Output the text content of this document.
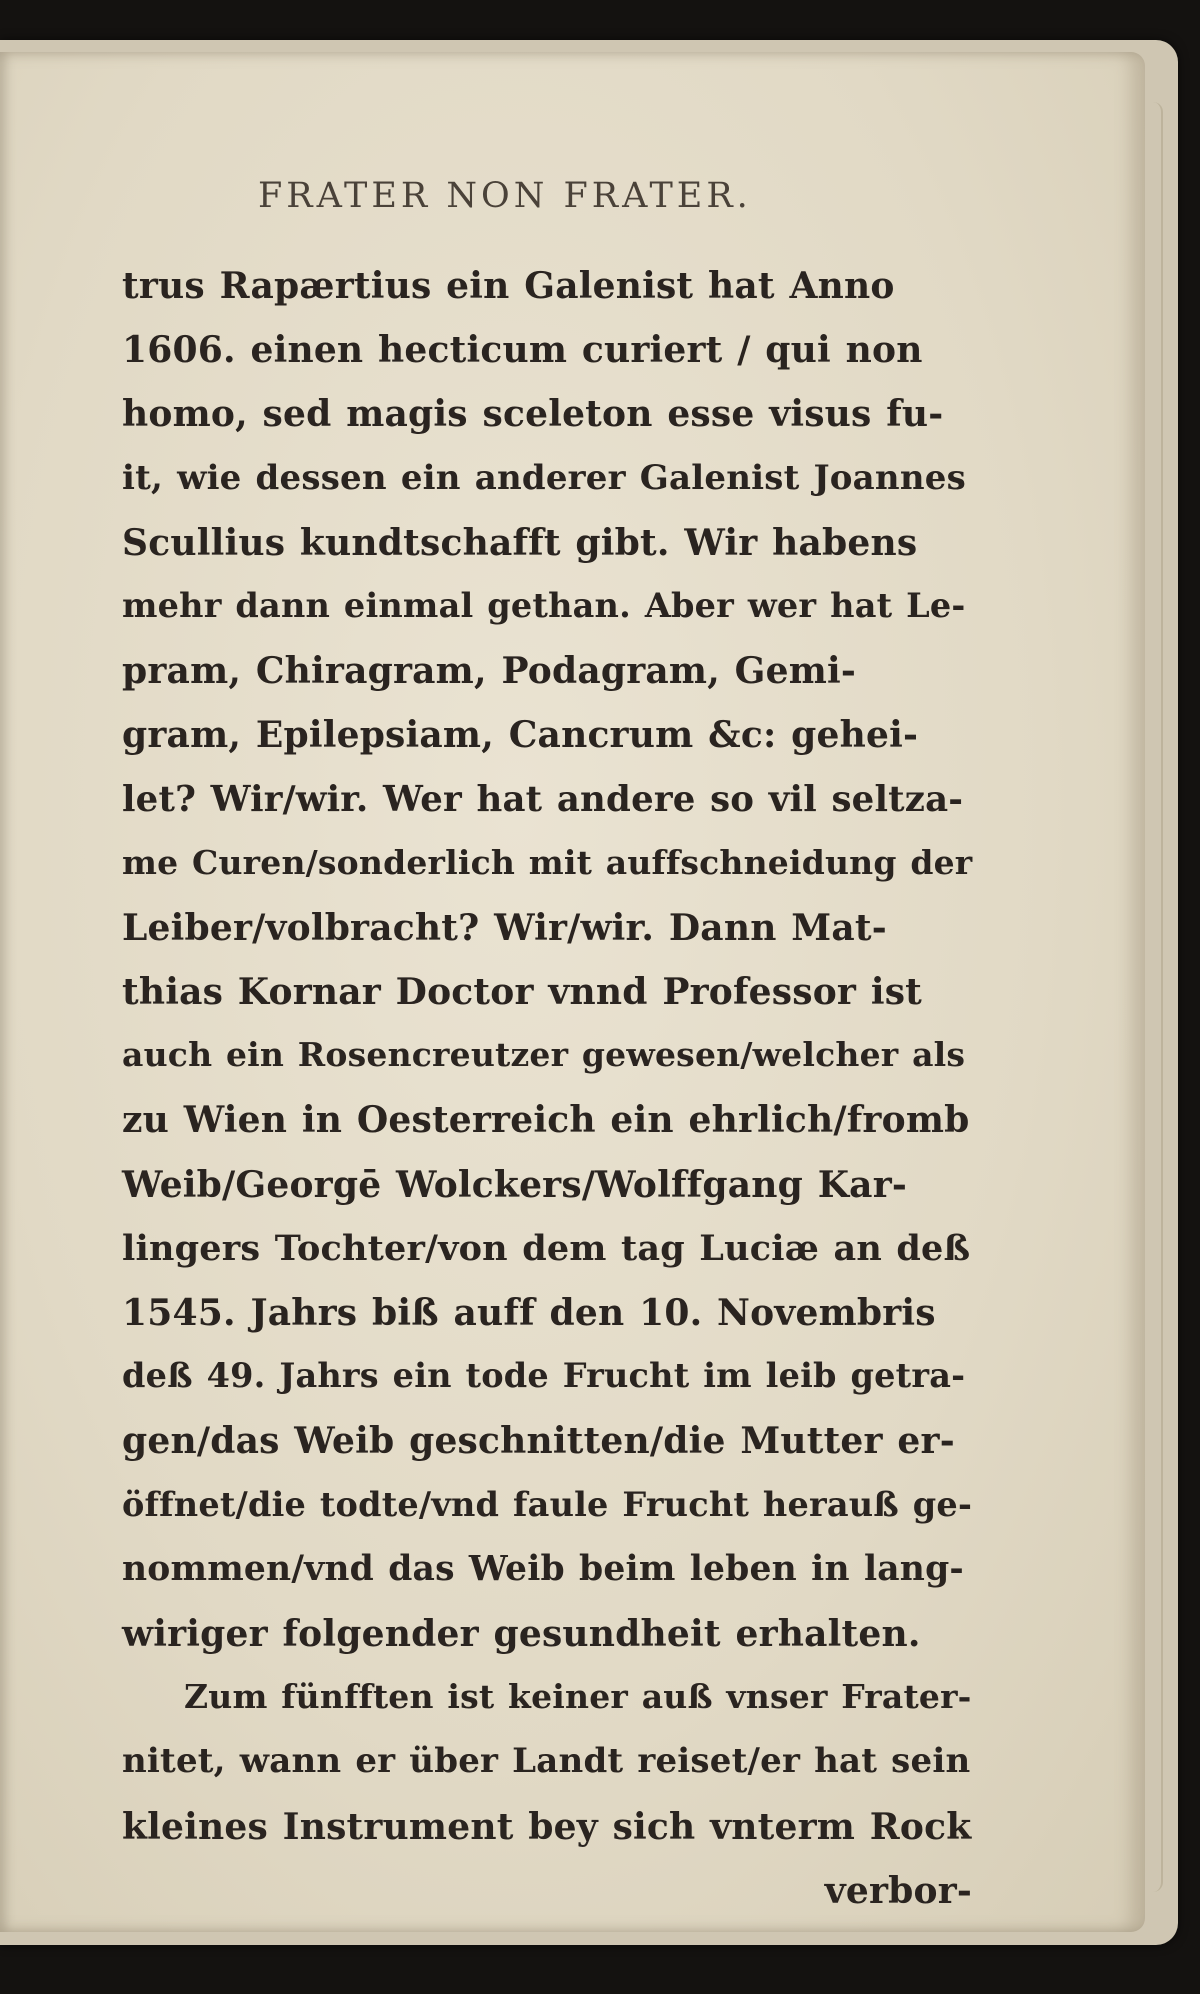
FRATER NON FRATER.
trus Rapærtius ein Galenist hat Anno
1606. einen hecticum curiert / qui non
homo, sed magis sceleton esse visus fu-
it, wie dessen ein anderer Galenist Joannes
Scullius kundtschafft gibt. Wir habens
mehr dann einmal gethan. Aber wer hat Le-
pram, Chiragram, Podagram, Gemi-
gram, Epilepsiam, Cancrum &c: gehei-
let? Wir/wir. Wer hat andere so vil seltza-
me Curen/sonderlich mit auffschneidung der
Leiber/volbracht? Wir/wir. Dann Mat-
thias Kornar Doctor vnnd Professor ist
auch ein Rosencreutzer gewesen/welcher als
zu Wien in Oesterreich ein ehrlich/fromb
Weib/Georgē Wolckers/Wolffgang Kar-
lingers Tochter/von dem tag Luciæ an deß
1545. Jahrs biß auff den 10. Novembris
deß 49. Jahrs ein tode Frucht im leib getra-
gen/das Weib geschnitten/die Mutter er-
öffnet/die todte/vnd faule Frucht herauß ge-
nommen/vnd das Weib beim leben in lang-
wiriger folgender gesundheit erhalten.
Zum fünfften ist keiner auß vnser Frater-
nitet, wann er über Landt reiset/er hat sein
kleines Instrument bey sich vnterm Rock
verbor-
